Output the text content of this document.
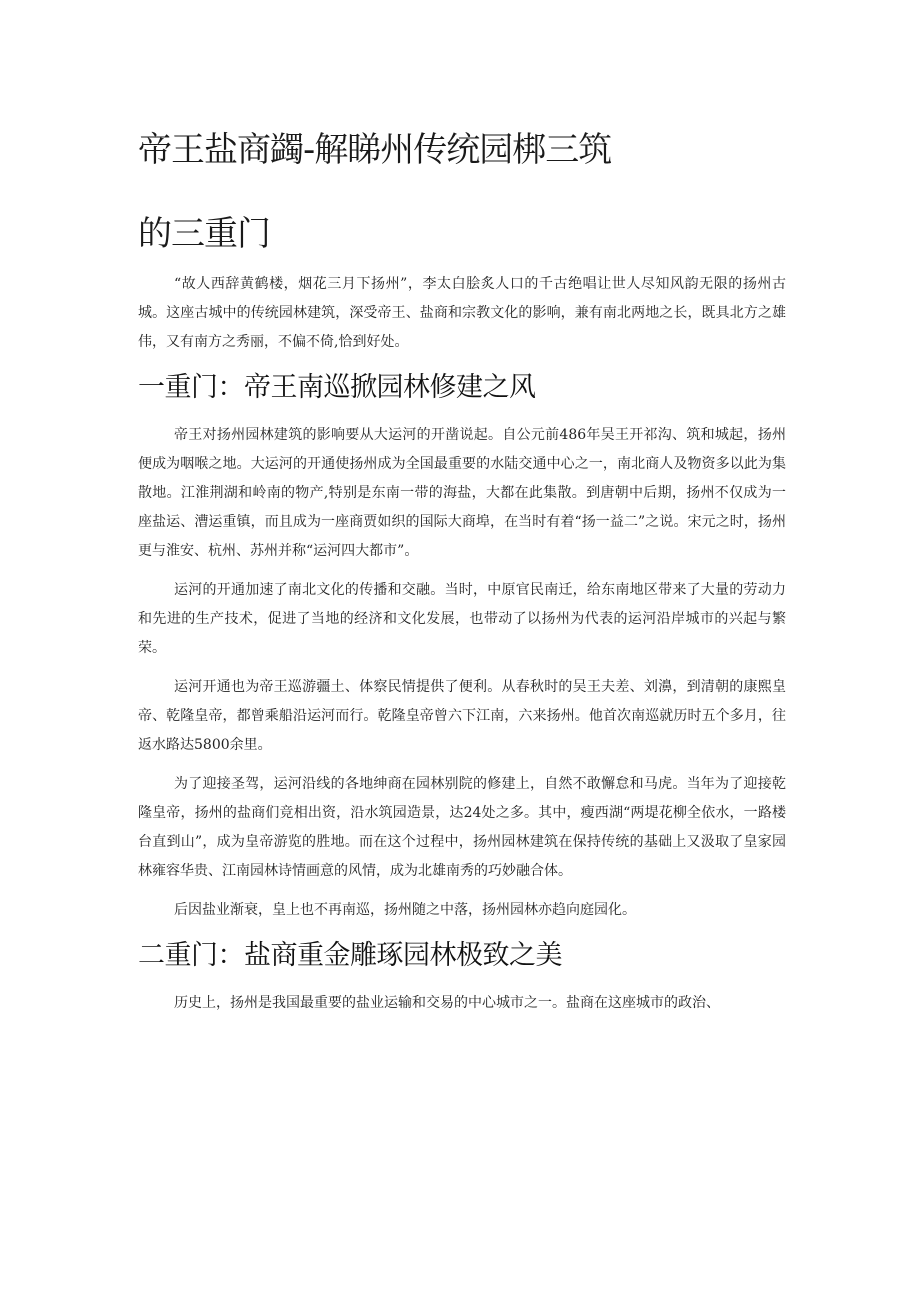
帝王盐商蠲-解睇州传统园梆三筑
的三重门

“故人西辞黄鹤楼，烟花三月下扬州”，李太白脍炙人口的千古绝唱让世人尽知风韵无限的扬州古城。这座古城中的传统园林建筑，深受帝王、盐商和宗教文化的影响，兼有南北两地之长，既具北方之雄伟，又有南方之秀丽，不偏不倚,恰到好处。

一重门：帝王南巡掀园林修建之风

帝王对扬州园林建筑的影响要从大运河的开凿说起。自公元前486年吴王开祁沟、筑和城起，扬州便成为咽喉之地。大运河的开通使扬州成为全国最重要的水陆交通中心之一，南北商人及物资多以此为集散地。江淮荆湖和岭南的物产,特别是东南一带的海盐，大都在此集散。到唐朝中后期，扬州不仅成为一座盐运、漕运重镇，而且成为一座商贾如织的国际大商埠，在当时有着“扬一益二”之说。宋元之时，扬州更与淮安、杭州、苏州并称“运河四大都市”。

运河的开通加速了南北文化的传播和交融。当时，中原官民南迁，给东南地区带来了大量的劳动力和先进的生产技术，促进了当地的经济和文化发展，也带动了以扬州为代表的运河沿岸城市的兴起与繁荣。

运河开通也为帝王巡游疆土、体察民情提供了便利。从春秋时的吴王夫差、刘濞，到清朝的康熙皇帝、乾隆皇帝，都曾乘船沿运河而行。乾隆皇帝曾六下江南，六来扬州。他首次南巡就历时五个多月，往返水路达5800余里。

为了迎接圣驾，运河沿线的各地绅商在园林别院的修建上，自然不敢懈怠和马虎。当年为了迎接乾隆皇帝，扬州的盐商们竞相出资，沿水筑园造景，达24处之多。其中，瘦西湖“两堤花柳全依水，一路楼台直到山”，成为皇帝游览的胜地。而在这个过程中，扬州园林建筑在保持传统的基础上又汲取了皇家园林雍容华贵、江南园林诗情画意的风情，成为北雄南秀的巧妙融合体。

后因盐业渐衰，皇上也不再南巡，扬州随之中落，扬州园林亦趋向庭园化。

二重门：盐商重金雕琢园林极致之美

历史上，扬州是我国最重要的盐业运输和交易的中心城市之一。盐商在这座城市的政治、
